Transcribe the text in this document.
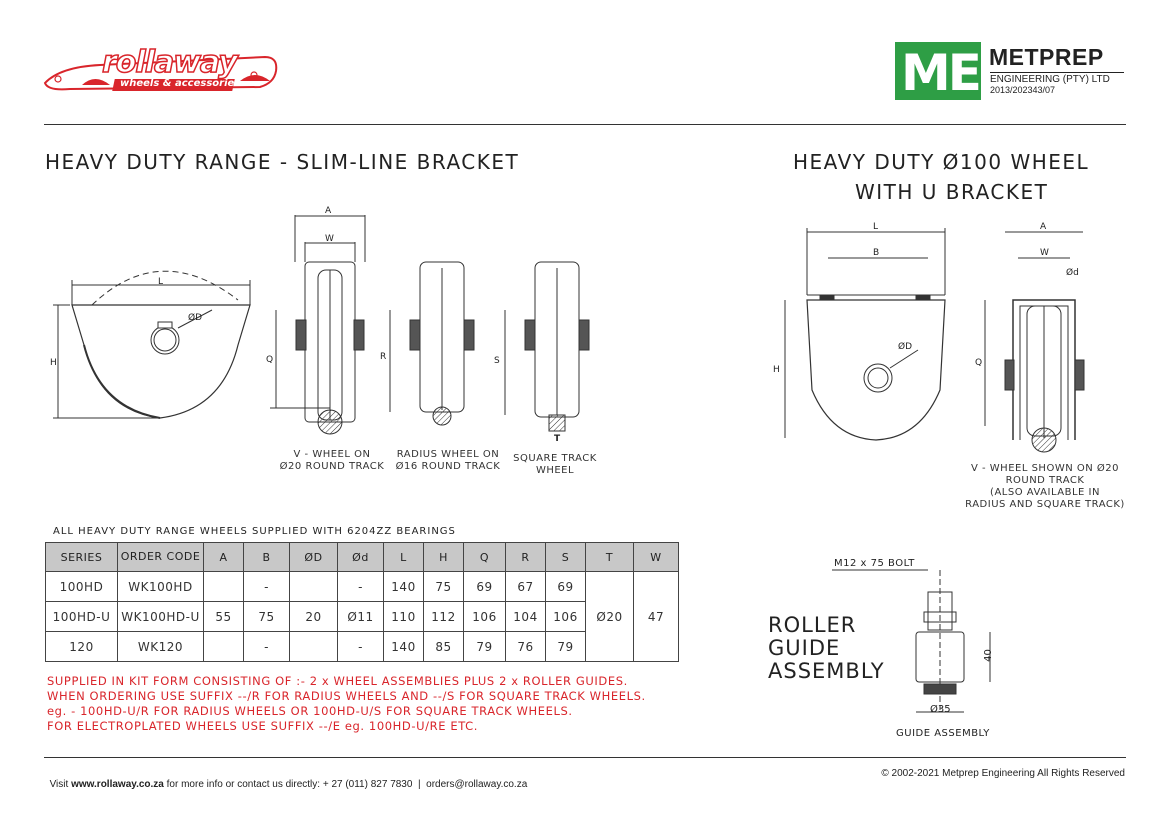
rollaway
wheels & accessories	ME METPREP
ENGINEERING (PTY) LTD
2013/202343/07
HEAVY DUTY RANGE - SLIM-LINE BRACKET	HEAVY DUTY Ø100 WHEEL
WITH U BRACKET
L
H
ØD
A
W
Q	R	S
T
L
B
H
ØD
A
W
Ød
Q
40
Ø35
V - WHEEL ON
Ø20 ROUND TRACK
RADIUS WHEEL ON
Ø16 ROUND TRACK
SQUARE TRACK
WHEEL	V - WHEEL SHOWN ON Ø20
ROUND TRACK
(ALSO AVAILABLE IN
RADIUS AND SQUARE TRACK)
ALL HEAVY DUTY RANGE WHEELS SUPPLIED WITH 6204ZZ BEARINGS
SERIES	ORDER CODE	A	B	ØD	Ød	L	H	Q	R	S	T	W
100HD	WK100HD		-		-	140	75	69	67	69	Ø20	47
100HD-U	WK100HD-U	55	75	20	Ø11	110	112	106	104	106		
120	WK120		-		-	140	85	79	76	79		
SUPPLIED IN KIT FORM CONSISTING OF :- 2 x WHEEL ASSEMBLIES PLUS 2 x ROLLER GUIDES.
WHEN ORDERING USE SUFFIX --/R FOR RADIUS WHEELS AND --/S FOR SQUARE TRACK WHEELS.
eg. - 100HD-U/R FOR RADIUS WHEELS OR 100HD-U/S FOR SQUARE TRACK WHEELS.
FOR ELECTROPLATED WHEELS USE SUFFIX --/E eg. 100HD-U/RE ETC.
M12 x 75 BOLT
ROLLER
GUIDE
ASSEMBLY
GUIDE ASSEMBLY

Visit www.rollaway.co.za for more info or contact us directly: + 27 (011) 827 7830  |  orders@rollaway.co.za

© 2002-2021 Metprep Engineering All Rights Reserved
